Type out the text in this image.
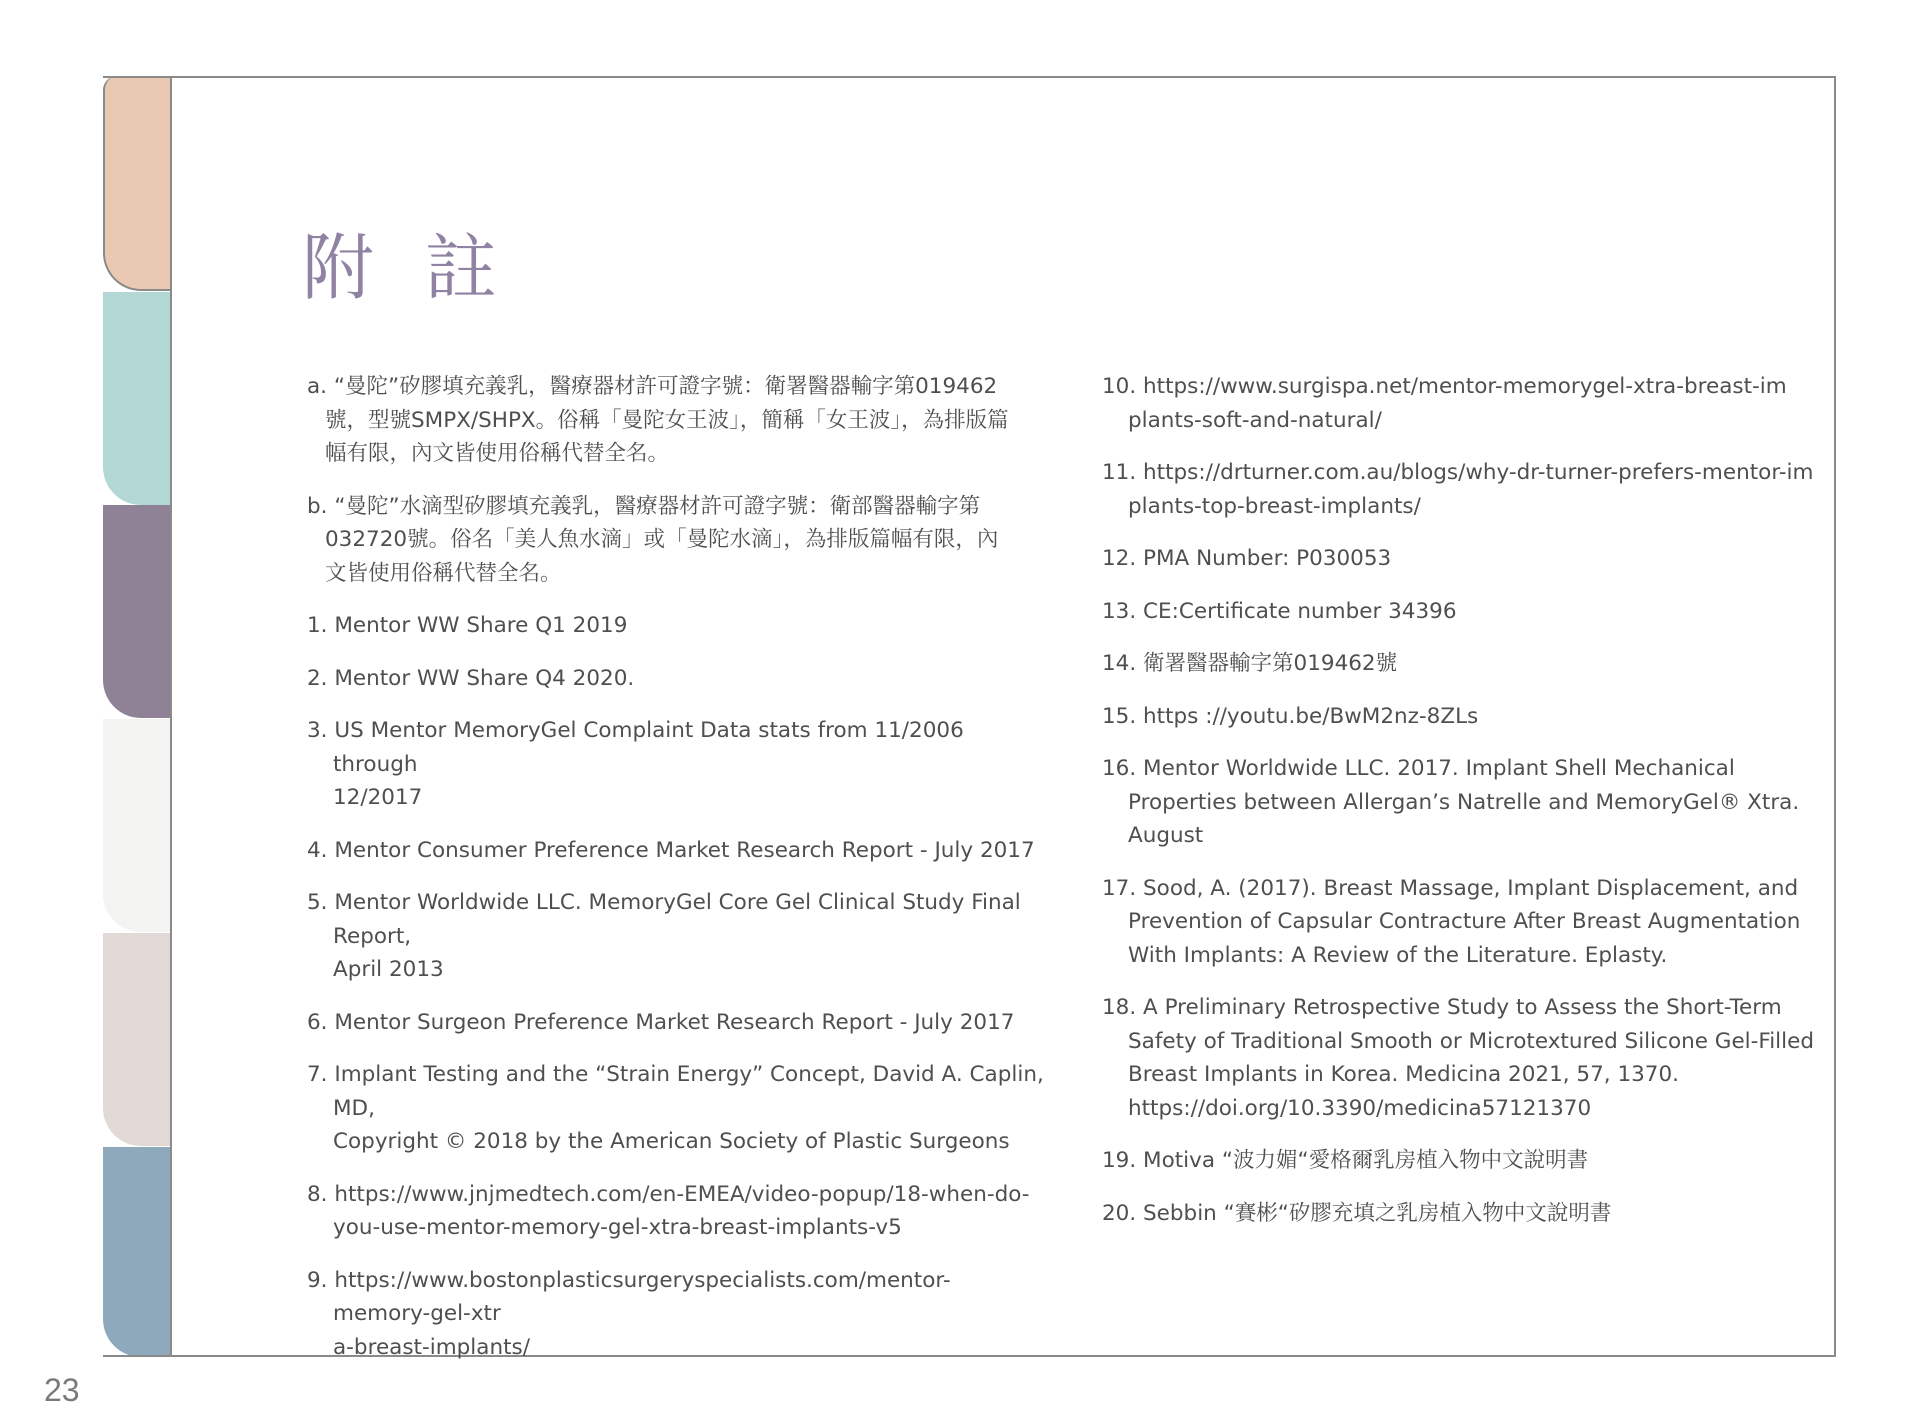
附 註
a. “曼陀”矽膠填充義乳，醫療器材許可證字號：衛署醫器輸字第019462
號，型號SMPX/SHPX。俗稱「曼陀女王波」，簡稱「女王波」，為排版篇
幅有限，內文皆使用俗稱代替全名。
b. “曼陀”水滴型矽膠填充義乳，醫療器材許可證字號：衛部醫器輸字第
032720號。俗名「美人魚水滴」或「曼陀水滴」，為排版篇幅有限，內
文皆使用俗稱代替全名。
1. Mentor WW Share Q1 2019
2. Mentor WW Share Q4 2020.
3. US Mentor MemoryGel Complaint Data stats from 11/2006 through
12/2017
4. Mentor Consumer Preference Market Research Report - July 2017
5. Mentor Worldwide LLC. MemoryGel Core Gel Clinical Study Final Report,
April 2013
6. Mentor Surgeon Preference Market Research Report - July 2017
7. Implant Testing and the “Strain Energy” Concept, David A. Caplin, MD,
Copyright © 2018 by the American Society of Plastic Surgeons
8. https://www.jnjmedtech.com/en-EMEA/video-popup/18-when-do-
you-use-mentor-memory-gel-xtra-breast-implants-v5
9. https://www.bostonplasticsurgeryspecialists.com/mentor-memory-gel-xtr
a-breast-implants/
10. https://www.surgispa.net/mentor-memorygel-xtra-breast-im
plants-soft-and-natural/
11. https://drturner.com.au/blogs/why-dr-turner-prefers-mentor-im
plants-top-breast-implants/
12. PMA Number: P030053
13. CE:Certificate number 34396
14. 衛署醫器輸字第019462號
15. https ://youtu.be/BwM2nz-8ZLs
16. Mentor Worldwide LLC. 2017. Implant Shell Mechanical
Properties between Allergan’s Natrelle and MemoryGel® Xtra.
August
17. Sood, A. (2017). Breast Massage, Implant Displacement, and
Prevention of Capsular Contracture After Breast Augmentation
With Implants: A Review of the Literature. Eplasty.
18. A Preliminary Retrospective Study to Assess the Short-Term
Safety of Traditional Smooth or Microtextured Silicone Gel-Filled
Breast Implants in Korea. Medicina 2021, 57, 1370.
https://doi.org/10.3390/medicina57121370
19. Motiva “波力媚“愛格爾乳房植入物中文說明書
20. Sebbin “賽彬“矽膠充填之乳房植入物中文說明書
23
